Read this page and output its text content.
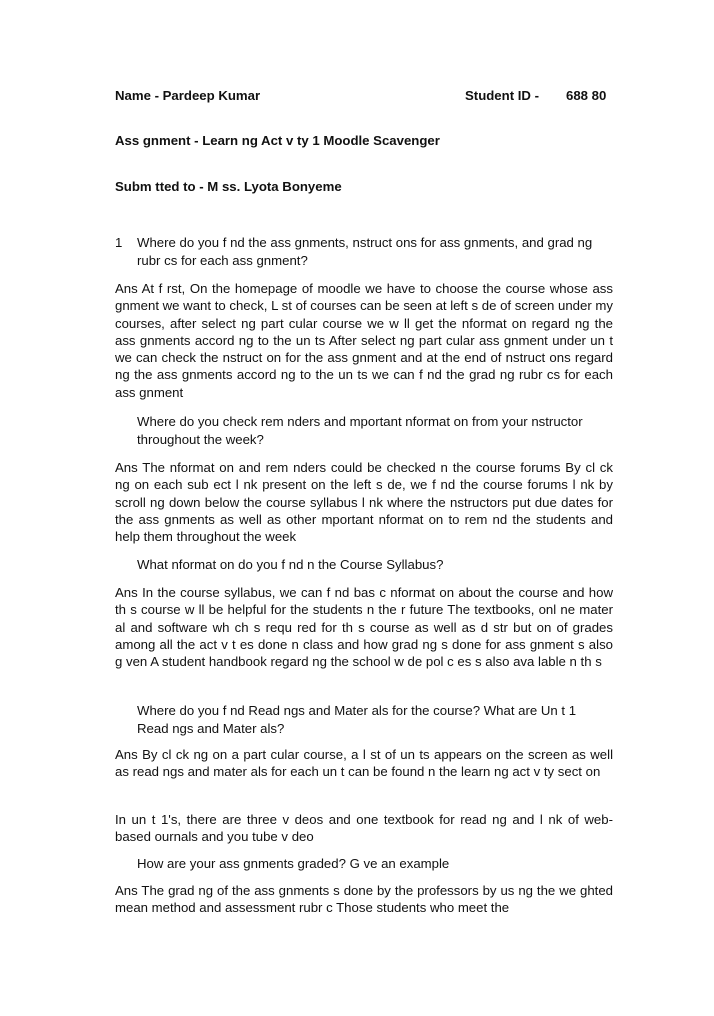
Name - Pardeep Kumar	Student ID - 688 80
Ass gnment - Learn ng Act v ty 1 Moodle Scavenger
Subm tted to - M ss. Lyota Bonyeme
1 Where do you f nd the ass gnments, nstruct ons for ass gnments, and grad ng rubr cs for each ass gnment?

Ans At f rst, On the homepage of moodle we have to choose the course whose ass gnment we want to check, L st of courses can be seen at left s de of screen under my courses, after select ng part cular course we w ll get the nformat on regard ng the ass gnments accord ng to the un ts After select ng part cular ass gnment under un t we can check the nstruct on for the ass gnment and at the end of nstruct ons regard ng the ass gnments accord ng to the un ts we can f nd the grad ng rubr cs for each ass gnment

Where do you check rem nders and mportant nformat on from your nstructor throughout the week?

Ans The nformat on and rem nders could be checked n the course forums By cl ck ng on each sub ect l nk present on the left s de, we f nd the course forums l nk by scroll ng down below the course syllabus l nk where the nstructors put due dates for the ass gnments as well as other mportant nformat on to rem nd the students and help them throughout the week

What nformat on do you f nd n the Course Syllabus?

Ans In the course syllabus, we can f nd bas c nformat on about the course and how th s course w ll be helpful for the students n the r future The textbooks, onl ne mater al and software wh ch s requ red for th s course as well as d str but on of grades among all the act v t es done n class and how grad ng s done for ass gnment s also g ven A student handbook regard ng the school w de pol c es s also ava lable n th s

Where do you f nd Read ngs and Mater als for the course? What are Un t 1 Read ngs and Mater als?

Ans By cl ck ng on a part cular course, a l st of un ts appears on the screen as well as read ngs and mater als for each un t can be found n the learn ng act v ty sect on

In un t 1's, there are three v deos and one textbook for read ng and l nk of web-based ournals and you tube v deo

How are your ass gnments graded? G ve an example

Ans The grad ng of the ass gnments s done by the professors by us ng the we ghted mean method and assessment rubr c Those students who meet the
